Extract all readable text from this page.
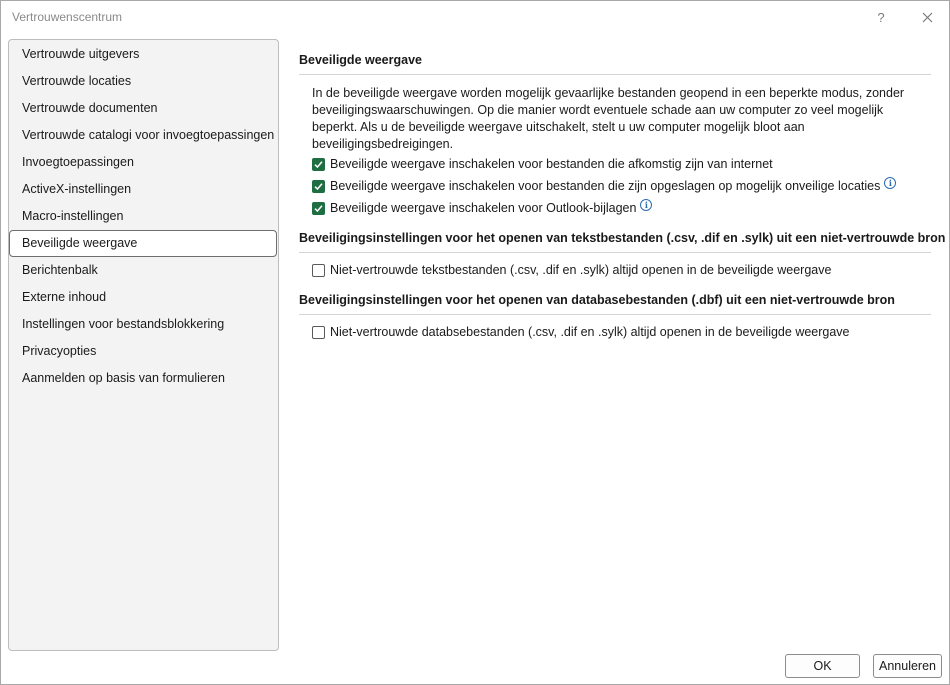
Vertrouwenscentrum	?
Vertrouwde uitgevers
Vertrouwde locaties
Vertrouwde documenten
Vertrouwde catalogi voor invoegtoepassingen
Invoegtoepassingen
ActiveX-instellingen
Macro-instellingen
Beveiligde weergave
Berichtenbalk
Externe inhoud
Instellingen voor bestandsblokkering
Privacyopties
Aanmelden op basis van formulieren
Beveiligde weergave
In de beveiligde weergave worden mogelijk gevaarlijke bestanden geopend in een beperkte modus, zonder beveiligingswaarschuwingen. Op die manier wordt eventuele schade aan uw computer zo veel mogelijk beperkt. Als u de beveiligde weergave uitschakelt, stelt u uw computer mogelijk bloot aan beveiligingsbedreigingen.
Beveiligde weergave inschakelen voor bestanden die afkomstig zijn van internet
Beveiligde weergave inschakelen voor bestanden die zijn opgeslagen op mogelijk onveilige locaties	i
Beveiligde weergave inschakelen voor Outlook-bijlagen	i
Beveiligingsinstellingen voor het openen van tekstbestanden (.csv, .dif en .sylk) uit een niet-vertrouwde bron
Niet-vertrouwde tekstbestanden (.csv, .dif en .sylk) altijd openen in de beveiligde weergave
Beveiligingsinstellingen voor het openen van databasebestanden (.dbf) uit een niet-vertrouwde bron
Niet-vertrouwde databsebestanden (.csv, .dif en .sylk) altijd openen in de beveiligde weergave
OK	Annuleren
